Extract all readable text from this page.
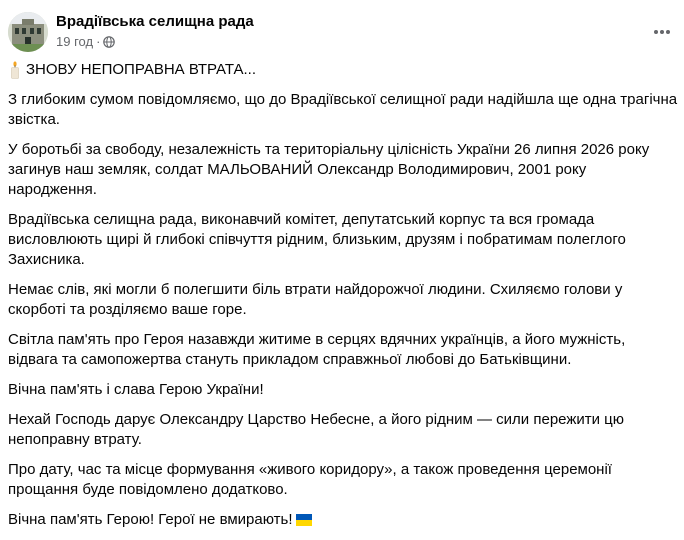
Врадіївська селищна рада
19 год ·
ЗНОВУ НЕПОПРАВНА ВТРАТА...

З глибоким сумом повідомляємо, що до Врадіївської селищної ради надійшла ще одна трагічна звістка.

У боротьбі за свободу, незалежність та територіальну цілісність України 26 липня 2026 року загинув наш земляк, солдат МАЛЬОВАНИЙ Олександр Володимирович, 2001 року народження.

Врадіївська селищна рада, виконавчий комітет, депутатський корпус та вся громада висловлюють щирі й глибокі співчуття рідним, близьким, друзям і побратимам полеглого Захисника.

Немає слів, які могли б полегшити біль втрати найдорожчої людини. Схиляємо голови у скорботі та розділяємо ваше горе.

Світла пам'ять про Героя назавжди житиме в серцях вдячних українців, а його мужність, відвага та самопожертва стануть прикладом справжньої любові до Батьківщини.

Вічна пам'ять і слава Герою України!

Нехай Господь дарує Олександру Царство Небесне, а його рідним — сили пережити цю непоправну втрату.

Про дату, час та місце формування «живого коридору», а також проведення церемонії прощання буде повідомлено додатково.

Вічна пам'ять Герою! Герої не вмирають!
